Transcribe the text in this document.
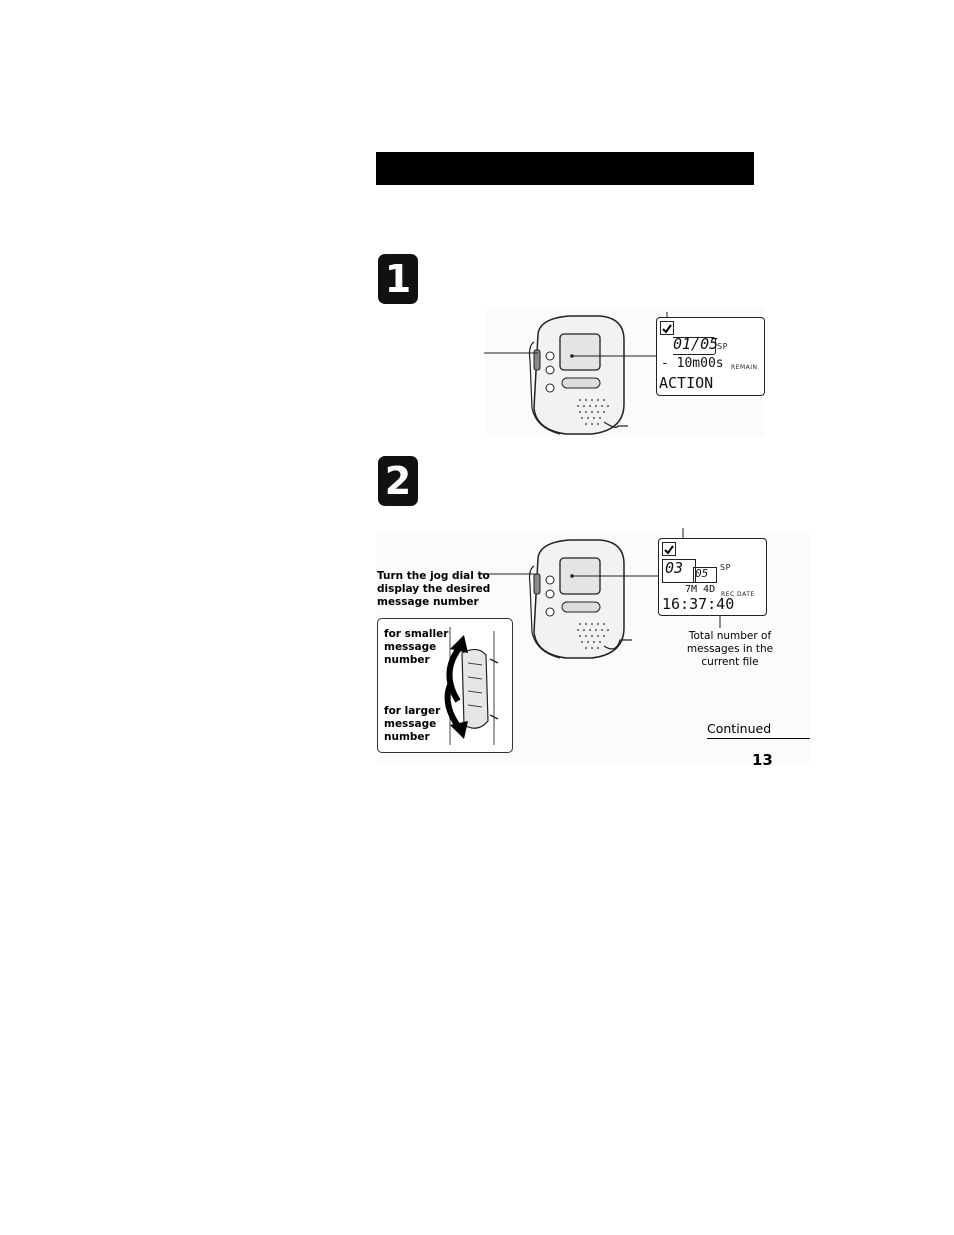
1
01/05
SP
- 10m00s REMAIN
ACTION
2
03 05 SP
7M 4D REC DATE
16:37:40
Turn the jog dial to
display the desired
message number
for smaller
message
number
for larger
message
number
Total number of
messages in the
current file
Continued
13
